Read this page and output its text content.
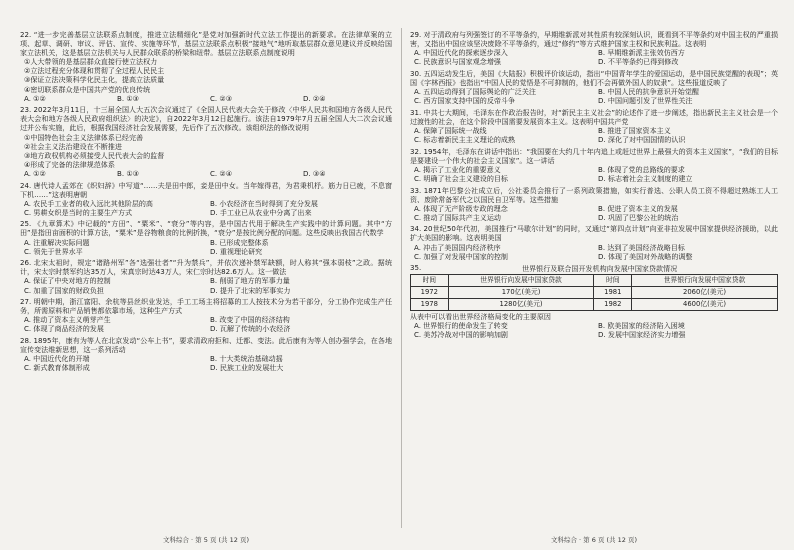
22. “进一步完善基层立法联系点制度，推进立法精细化”是党对加强新时代立法工作提出的新要求。在法律草案的立项、起草、调研、审议、评估、宣传、实施等环节，基层立法联系点积极“接地气”地听取基层群众意见建议并反映给国家立法机关，这是基层立法机关与人民群众联系的桥梁和纽带。基层立法联系点制度说明
①人大带领的是基层群众直接行使立法权力
②立法过程充分体现和贯彻了全过程人民民主
③保证立法决策科学化民主化，提高立法质量
④密切联系群众是中国共产党的优良传统
A. ①②	B. ①③	C. ②③	D. ②④
23. 2022年3月11日，十三届全国人大五次会议通过了《全国人民代表大会关于修改〈中华人民共和国地方各级人民代表大会和地方各级人民政府组织法〉的决定》，自2022年3月12日起施行。该法自1979年7月五届全国人大二次会议通过并公布实施，此后，根据我国经济社会发展需要，先后作了五次修改。该组织法的修改说明
①中国特色社会主义法律体系已经完善
②社会主义法治建设在不断推进
③地方政权机构必须接受人民代表大会的监督
④形成了完备的法律规范体系
A. ①②	B. ①③	C. ②④	D. ③④
24. 唐代诗人孟郊在《织妇辞》中写道“……夫是田中郎，妾是田中女。当年嫁得君，为君秉机杼。筋力日已疲，不息窗下机……”这表明唐朝
A. 农民手工业者的收入远比其他阶层的高	B. 小农经济在当时得到了充分发展
C. 男耕女织是当时的主要生产方式	D. 手工业已从农业中分离了出来
25. 《九章算术》中记载的“方田”、“粟米”、“衰分”等内容，是中国古代用于解决生产实践中的计算问题。其中“方田”是指田亩面积的计算方法，“粟米”是谷物粮食的比例折换，“衰分”是按比例分配的问题。这些反映出我国古代数学
A. 注重解决实际问题	B. 已形成完整体系
C. 领先于世界水平	D. 重视理论研究
26. 北宋太祖时，规定“诸路州军”各“选强壮者”“升为禁兵”，并依次递补禁军缺额，时人称其“强本弱枝”之政。据统计，宋太宗时禁军约达35万人，宋真宗时达43万人，宋仁宗时达82.6万人。这一做法
A. 保证了中央对地方的控制	B. 削弱了地方的军事力量
C. 加重了国家的财政负担	D. 提升了北宋的军事实力
27. 明朝中期，浙江富阳、余杭等县丝织业发达，手工工场主将招募的工人按技术分为若干部分，分工协作完成生产任务，所需原料和产品销售都依靠市场，这种生产方式
A. 推动了资本主义萌芽产生	B. 改变了中国的经济结构
C. 体现了商品经济的发展	D. 瓦解了传统的小农经济
28. 1895年，康有为等人在北京发动“公车上书”，要求清政府拒和、迁都、变法。此后康有为等人创办强学会，在各地宣传变法维新思想，这一系列活动
A. 中国近代化的开端	B. 十大类统治基础动摇
C. 新式教育体制形成	D. 民族工业的发展壮大
29. 对于清政府与列强签订的不平等条约，早期维新派对其性质有较深刻认识，既看到不平等条约对中国主权的严重损害，又指出中国应该坚决废除不平等条约，通过“修约”等方式维护国家主权和民族利益。这表明
A. 中国近代化的探索逐步深入	B. 早期维新派主张效仿西方
C. 民族意识与国家观念增强	D. 不平等条约已得到修改
30. 五四运动发生后，美国《大陆报》积极评价该运动，指出“中国青年学生的爱国运动，是中国民族觉醒的表现”；英国《字林西报》也指出“中国人民的觉悟是不可抑制的，他们不会再做外国人的奴隶”。这些报道反映了
A. 五四运动得到了国际舆论的广泛关注	B. 中国人民的抗争意识开始觉醒
C. 西方国家支持中国的反帝斗争	D. 中国问题引发了世界性关注
31. 中共七大期间，毛泽东在作政治报告时，对“新民主主义社会”的论述作了进一步阐述，指出新民主主义社会是一个过渡性的社会，在这个阶段中国需要发展资本主义。这表明中国共产党
A. 保障了国际统一战线	B. 推进了国家资本主义
C. 标志着新民主主义理论的成熟	D. 深化了对中国国情的认识
32. 1954年，毛泽东在讲话中指出：“我国要在大约几十年内追上或赶过世界上最强大的资本主义国家”，“我们的目标是要建设一个伟大的社会主义国家”。这一讲话
A. 揭示了工业化的重要意义	B. 体现了党的总路线的要求
C. 明确了社会主义建设的目标	D. 标志着社会主义制度的建立
33. 1871年巴黎公社成立后，公社委员会推行了一系列政策措施，如实行普选、公职人员工资不得超过熟练工人工资、废除常备军代之以国民自卫军等。这些措施
A. 体现了无产阶级专政的理念	B. 促进了资本主义的发展
C. 推动了国际共产主义运动	D. 巩固了巴黎公社的统治
34. 20世纪50年代初，美国推行“马歇尔计划”的同时，又通过“第四点计划”向亚非拉发展中国家提供经济援助，以此扩大美国的影响。这表明美国
A. 冲击了美国国内经济秩序	B. 达到了美国经济战略目标
C. 加强了对发展中国家的控制	D. 体现了美国对外战略的调整
35.	世界银行及联合国开发机构向发展中国家贷款情况
时间	世界银行向发展中国家贷款	时间	世界银行向发展中国家贷款
1972	170亿(美元)	1981	2060亿(美元)
1978	1280亿(美元)	1982	4600亿(美元)
从表中可以看出世界经济格局变化的主要原因
A. 世界银行的使命发生了转变	B. 欧美国家的经济陷入困境
C. 美苏冷战对中国的影响加剧	D. 发展中国家经济实力增强
文科综合 · 第 5 页 (共 12 页)	文科综合 · 第 6 页 (共 12 页)
